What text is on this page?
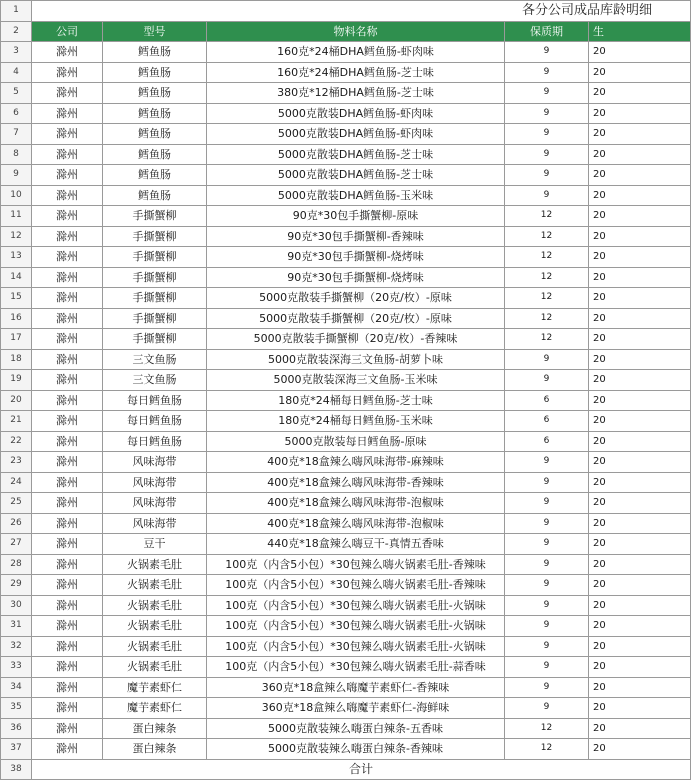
1	各分公司成品库龄明细				
2	公司	型号	物料名称	保质期	生
3	滁州	鳕鱼肠	160克*24桶DHA鳕鱼肠-虾肉味	9	20
4	滁州	鳕鱼肠	160克*24桶DHA鳕鱼肠-芝士味	9	20
5	滁州	鳕鱼肠	380克*12桶DHA鳕鱼肠-芝士味	9	20
6	滁州	鳕鱼肠	5000克散装DHA鳕鱼肠-虾肉味	9	20
7	滁州	鳕鱼肠	5000克散装DHA鳕鱼肠-虾肉味	9	20
8	滁州	鳕鱼肠	5000克散装DHA鳕鱼肠-芝士味	9	20
9	滁州	鳕鱼肠	5000克散装DHA鳕鱼肠-芝士味	9	20
10	滁州	鳕鱼肠	5000克散装DHA鳕鱼肠-玉米味	9	20
11	滁州	手撕蟹柳	90克*30包手撕蟹柳-原味	12	20
12	滁州	手撕蟹柳	90克*30包手撕蟹柳-香辣味	12	20
13	滁州	手撕蟹柳	90克*30包手撕蟹柳-烧烤味	12	20
14	滁州	手撕蟹柳	90克*30包手撕蟹柳-烧烤味	12	20
15	滁州	手撕蟹柳	5000克散装手撕蟹柳（20克/枚）-原味	12	20
16	滁州	手撕蟹柳	5000克散装手撕蟹柳（20克/枚）-原味	12	20
17	滁州	手撕蟹柳	5000克散装手撕蟹柳（20克/枚）-香辣味	12	20
18	滁州	三文鱼肠	5000克散装深海三文鱼肠-胡萝卜味	9	20
19	滁州	三文鱼肠	5000克散装深海三文鱼肠-玉米味	9	20
20	滁州	每日鳕鱼肠	180克*24桶每日鳕鱼肠-芝士味	6	20
21	滁州	每日鳕鱼肠	180克*24桶每日鳕鱼肠-玉米味	6	20
22	滁州	每日鳕鱼肠	5000克散装每日鳕鱼肠-原味	6	20
23	滁州	风味海带	400克*18盒辣么嗨风味海带-麻辣味	9	20
24	滁州	风味海带	400克*18盒辣么嗨风味海带-香辣味	9	20
25	滁州	风味海带	400克*18盒辣么嗨风味海带-泡椒味	9	20
26	滁州	风味海带	400克*18盒辣么嗨风味海带-泡椒味	9	20
27	滁州	豆干	440克*18盒辣么嗨豆干-真情五香味	9	20
28	滁州	火锅素毛肚	100克（内含5小包）*30包辣么嗨火锅素毛肚-香辣味	9	20
29	滁州	火锅素毛肚	100克（内含5小包）*30包辣么嗨火锅素毛肚-香辣味	9	20
30	滁州	火锅素毛肚	100克（内含5小包）*30包辣么嗨火锅素毛肚-火锅味	9	20
31	滁州	火锅素毛肚	100克（内含5小包）*30包辣么嗨火锅素毛肚-火锅味	9	20
32	滁州	火锅素毛肚	100克（内含5小包）*30包辣么嗨火锅素毛肚-火锅味	9	20
33	滁州	火锅素毛肚	100克（内含5小包）*30包辣么嗨火锅素毛肚-蒜香味	9	20
34	滁州	魔芋素虾仁	360克*18盒辣么嗨魔芋素虾仁-香辣味	9	20
35	滁州	魔芋素虾仁	360克*18盒辣么嗨魔芋素虾仁-海鲜味	9	20
36	滁州	蛋白辣条	5000克散装辣么嗨蛋白辣条-五香味	12	20
37	滁州	蛋白辣条	5000克散装辣么嗨蛋白辣条-香辣味	12	20
38	合计				
